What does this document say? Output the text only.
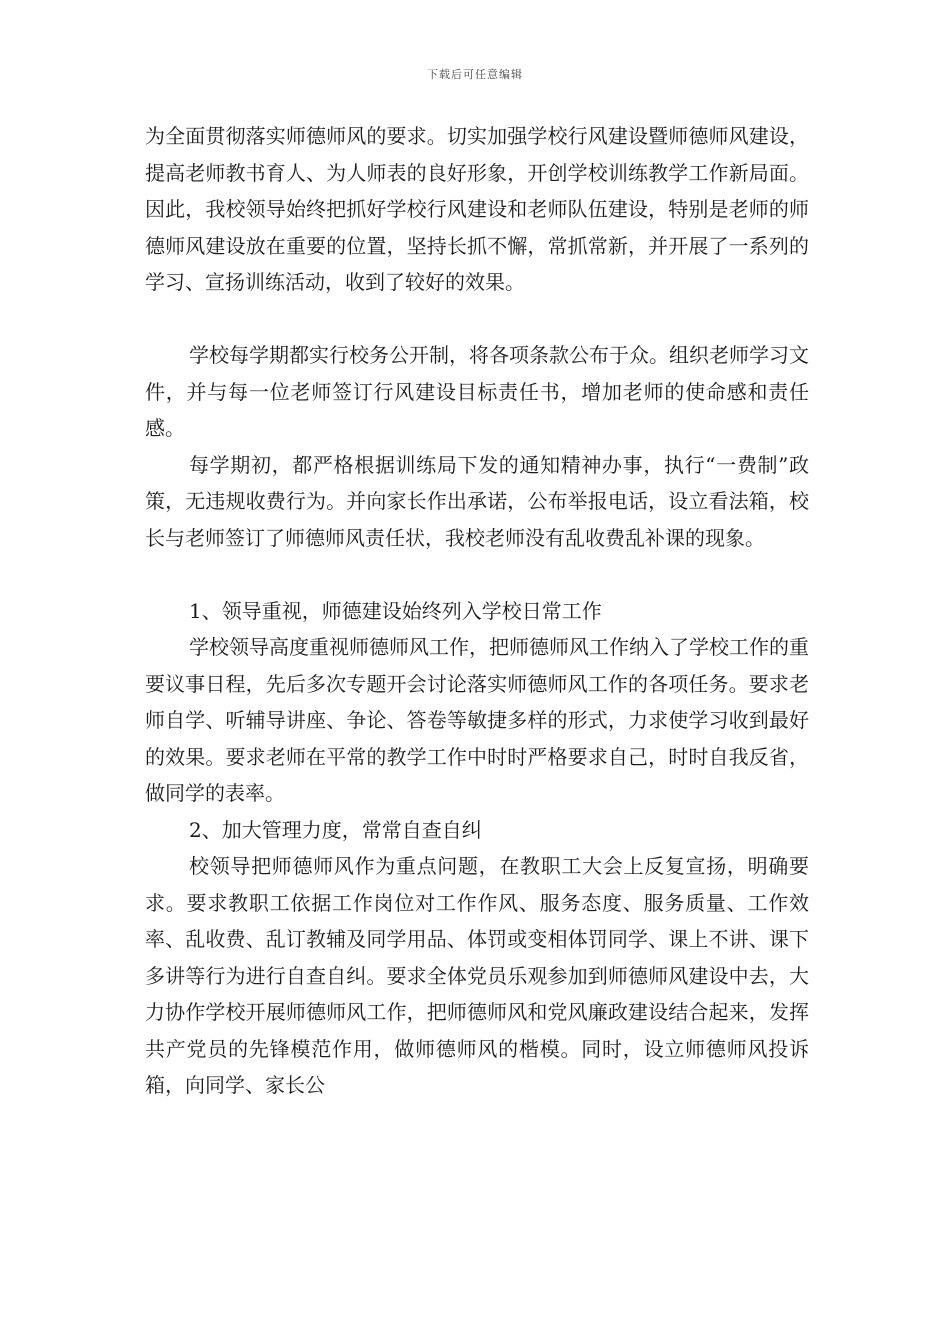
下载后可任意编辑

为全面贯彻落实师德师风的要求。切实加强学校行风建设暨师德师风建设，提高老师教书育人、为人师表的良好形象，开创学校训练教学工作新局面。因此，我校领导始终把抓好学校行风建设和老师队伍建设，特别是老师的师德师风建设放在重要的位置，坚持长抓不懈，常抓常新，并开展了一系列的学习、宣扬训练活动，收到了较好的效果。

学校每学期都实行校务公开制，将各项条款公布于众。组织老师学习文件，并与每一位老师签订行风建设目标责任书，增加老师的使命感和责任感。

每学期初，都严格根据训练局下发的通知精神办事，执行“一费制”政策，无违规收费行为。并向家长作出承诺，公布举报电话，设立看法箱，校长与老师签订了师德师风责任状，我校老师没有乱收费乱补课的现象。

1、领导重视，师德建设始终列入学校日常工作

学校领导高度重视师德师风工作，把师德师风工作纳入了学校工作的重要议事日程，先后多次专题开会讨论落实师德师风工作的各项任务。要求老师自学、听辅导讲座、争论、答卷等敏捷多样的形式，力求使学习收到最好的效果。要求老师在平常的教学工作中时时严格要求自己，时时自我反省，做同学的表率。

2、加大管理力度，常常自查自纠

校领导把师德师风作为重点问题，在教职工大会上反复宣扬，明确要求。要求教职工依据工作岗位对工作作风、服务态度、服务质量、工作效率、乱收费、乱订教辅及同学用品、体罚或变相体罚同学、课上不讲、课下多讲等行为进行自查自纠。要求全体党员乐观参加到师德师风建设中去，大力协作学校开展师德师风工作，把师德师风和党风廉政建设结合起来，发挥共产党员的先锋模范作用，做师德师风的楷模。同时，设立师德师风投诉箱，向同学、家长公
